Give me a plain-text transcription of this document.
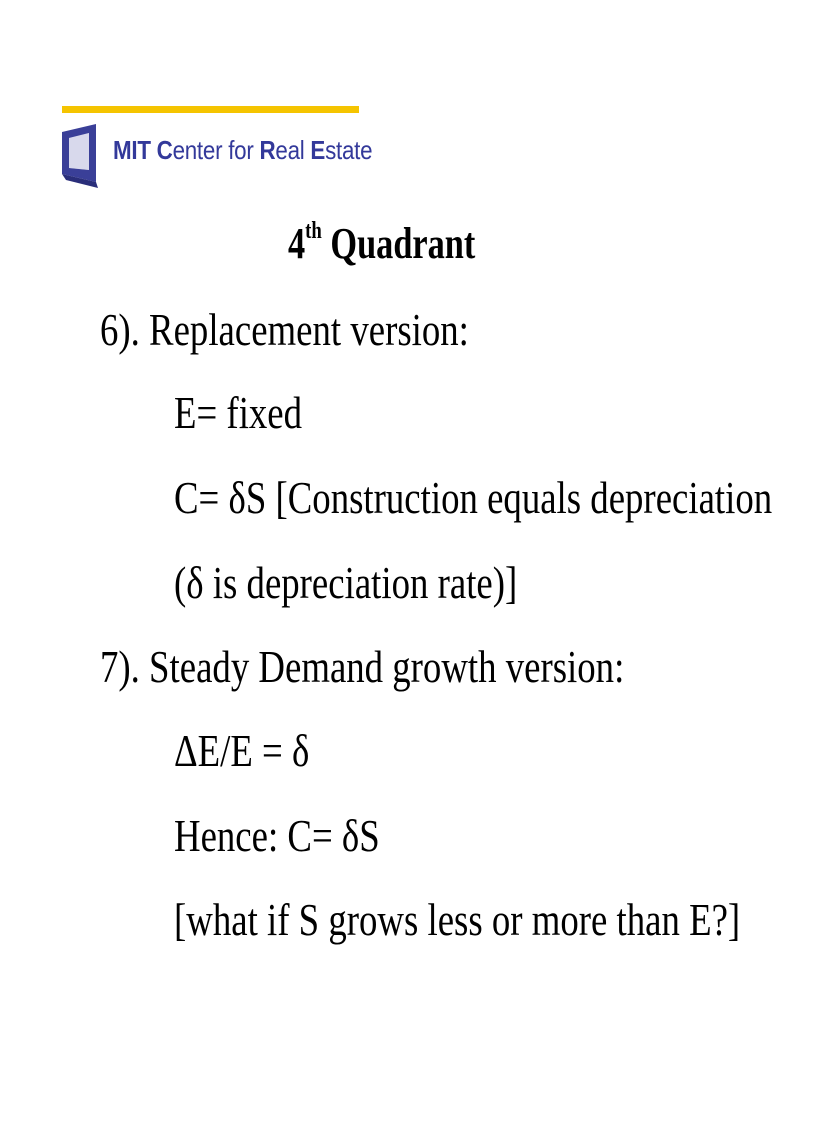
MIT Center for Real Estate
4th Quadrant
6). Replacement version:
E= fixed
C= δS [Construction equals depreciation
(δ is depreciation rate)]
7). Steady Demand growth version:
ΔE/E = δ
Hence: C= δS
[what if S grows less or more than E?]
